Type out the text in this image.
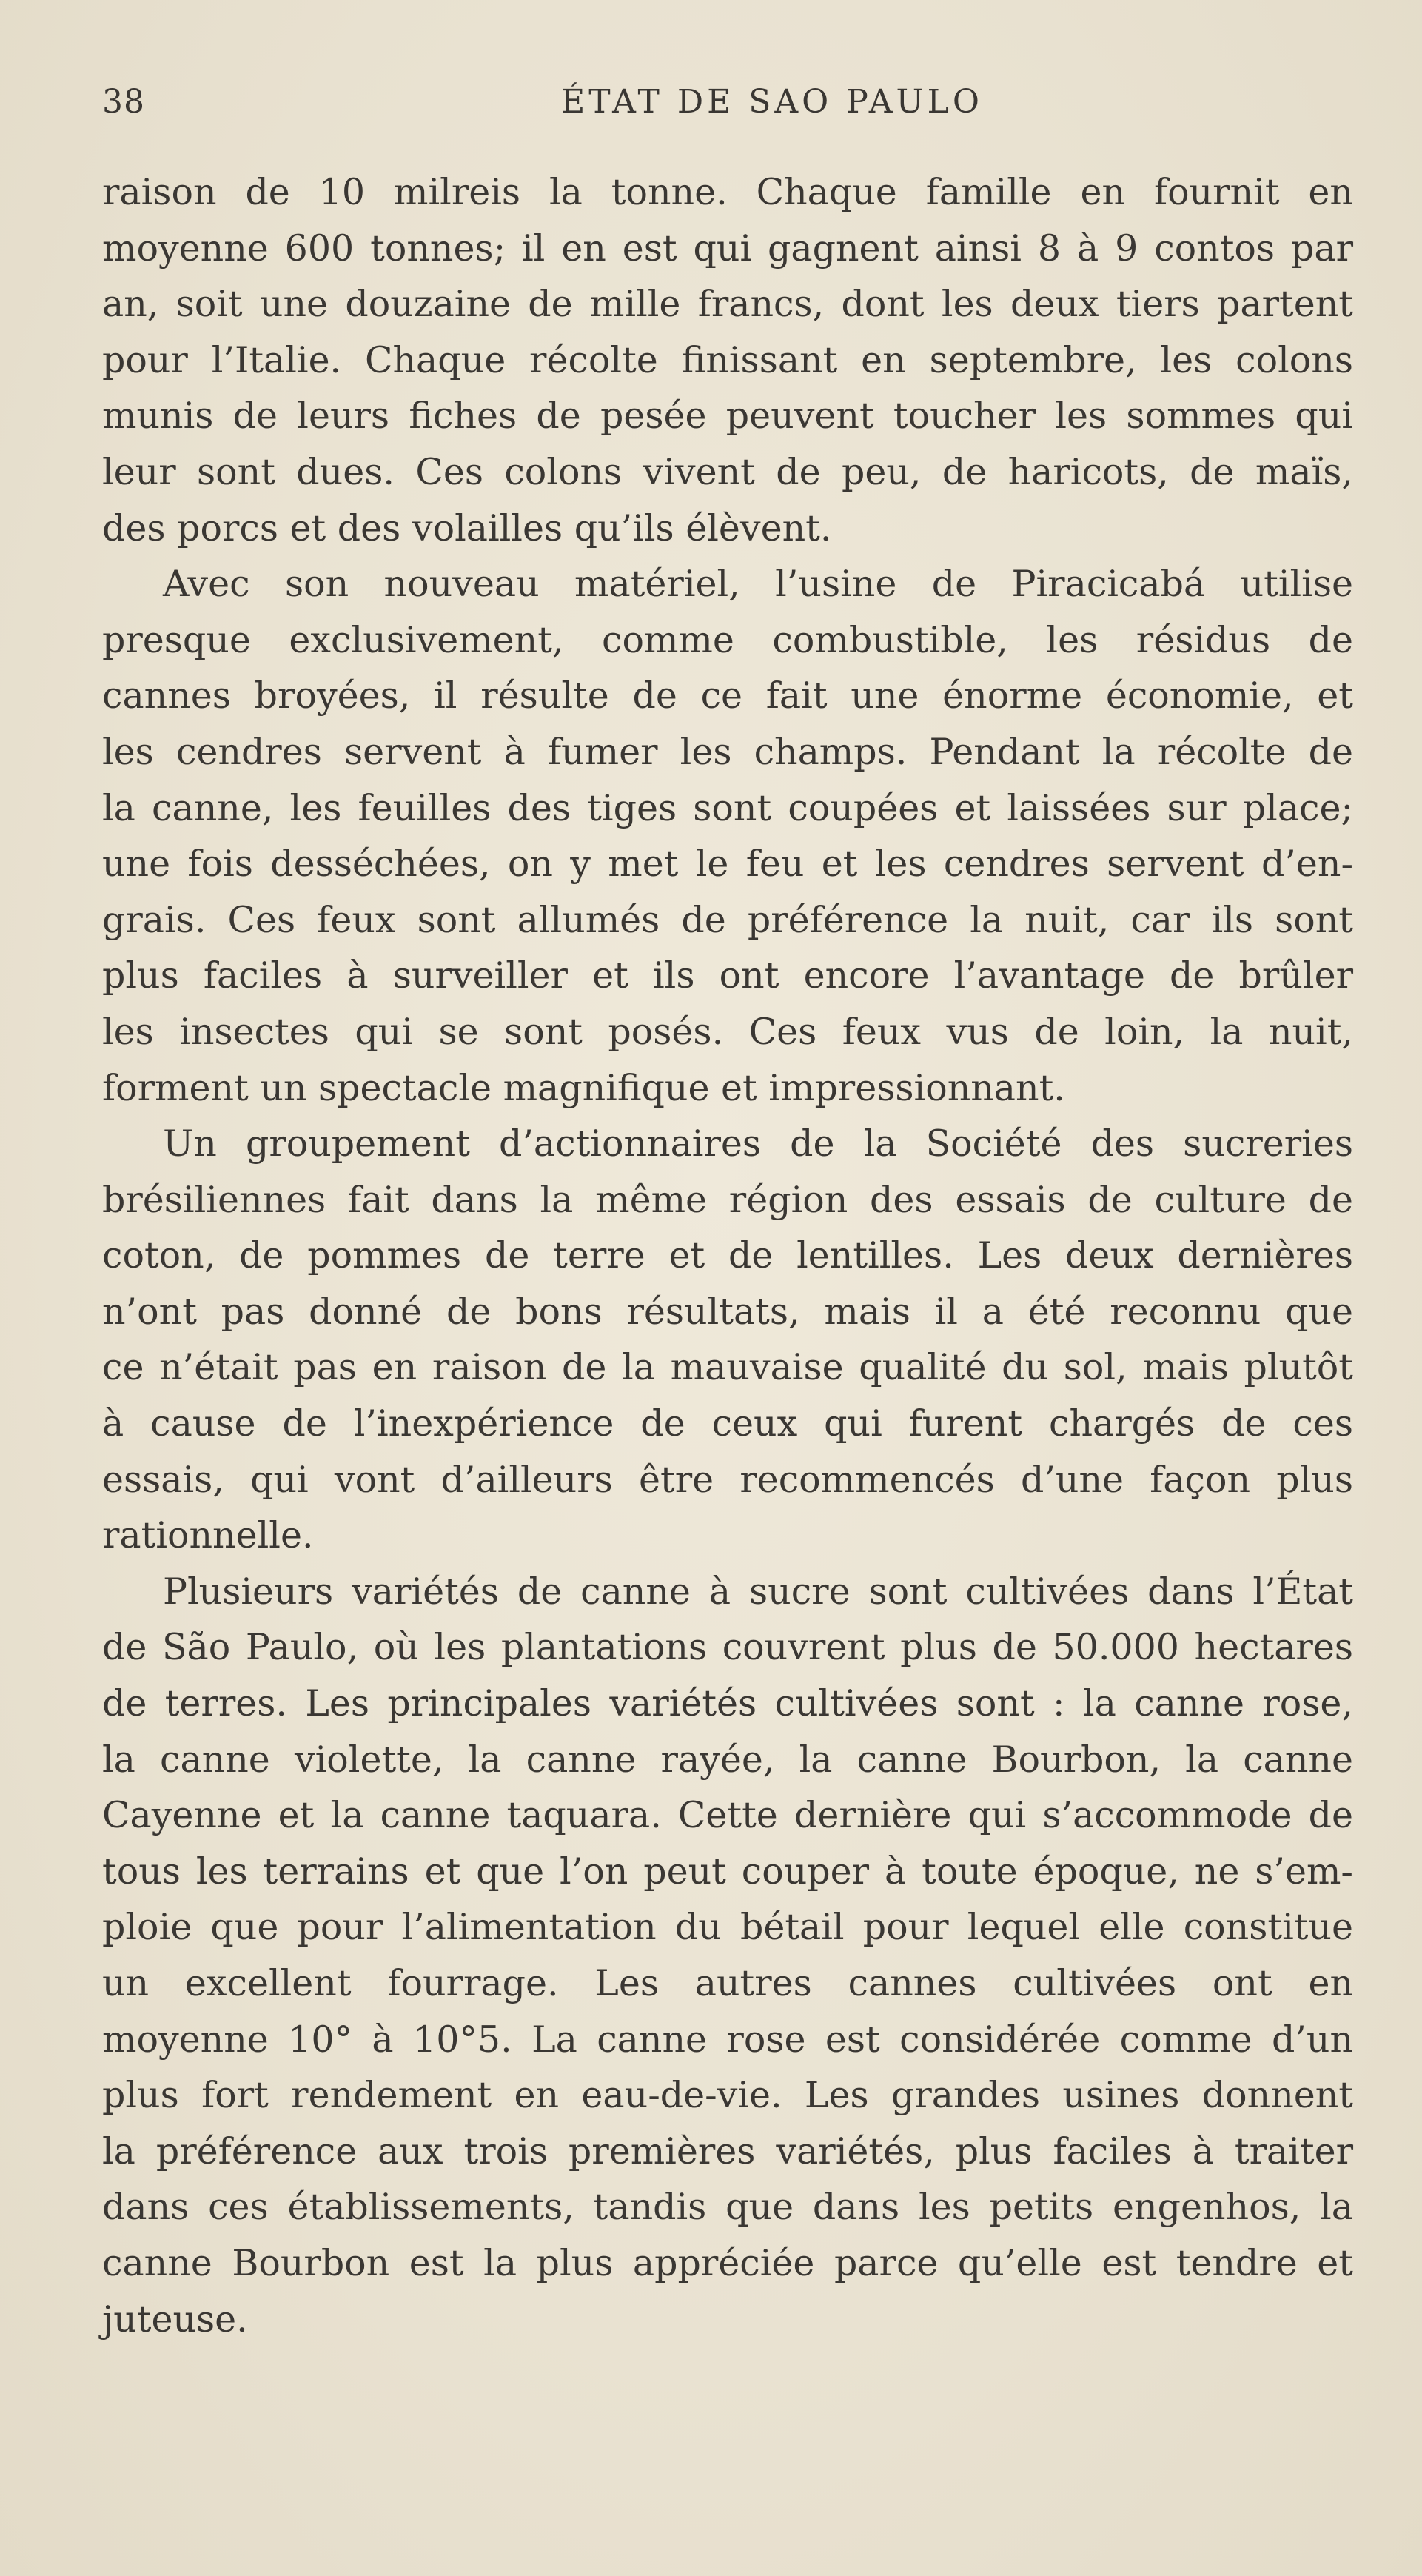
38	ÉTAT DE SAO PAULO
raison de 10 milreis la tonne. Chaque famille en fournit en
moyenne 600 tonnes; il en est qui gagnent ainsi 8 à 9 contos par
an, soit une douzaine de mille francs, dont les deux tiers partent
pour l’Italie. Chaque récolte finissant en septembre, les colons
munis de leurs fiches de pesée peuvent toucher les sommes qui
leur sont dues. Ces colons vivent de peu, de haricots, de maïs,
des porcs et des volailles qu’ils élèvent.
Avec son nouveau matériel, l’usine de Piracicabá utilise
presque exclusivement, comme combustible, les résidus de
cannes broyées, il résulte de ce fait une énorme économie, et
les cendres servent à fumer les champs. Pendant la récolte de
la canne, les feuilles des tiges sont coupées et laissées sur place;
une fois desséchées, on y met le feu et les cendres servent d’en-
grais. Ces feux sont allumés de préférence la nuit, car ils sont
plus faciles à surveiller et ils ont encore l’avantage de brûler
les insectes qui se sont posés. Ces feux vus de loin, la nuit,
forment un spectacle magnifique et impressionnant.
Un groupement d’actionnaires de la Société des sucreries
brésiliennes fait dans la même région des essais de culture de
coton, de pommes de terre et de lentilles. Les deux dernières
n’ont pas donné de bons résultats, mais il a été reconnu que
ce n’était pas en raison de la mauvaise qualité du sol, mais plutôt
à cause de l’inexpérience de ceux qui furent chargés de ces
essais, qui vont d’ailleurs être recommencés d’une façon plus
rationnelle.
Plusieurs variétés de canne à sucre sont cultivées dans l’État
de São Paulo, où les plantations couvrent plus de 50.000 hectares
de terres. Les principales variétés cultivées sont : la canne rose,
la canne violette, la canne rayée, la canne Bourbon, la canne
Cayenne et la canne taquara. Cette dernière qui s’accommode de
tous les terrains et que l’on peut couper à toute époque, ne s’em-
ploie que pour l’alimentation du bétail pour lequel elle constitue
un excellent fourrage. Les autres cannes cultivées ont en
moyenne 10° à 10°5. La canne rose est considérée comme d’un
plus fort rendement en eau-de-vie. Les grandes usines donnent
la préférence aux trois premières variétés, plus faciles à traiter
dans ces établissements, tandis que dans les petits engenhos, la
canne Bourbon est la plus appréciée parce qu’elle est tendre et
juteuse.
